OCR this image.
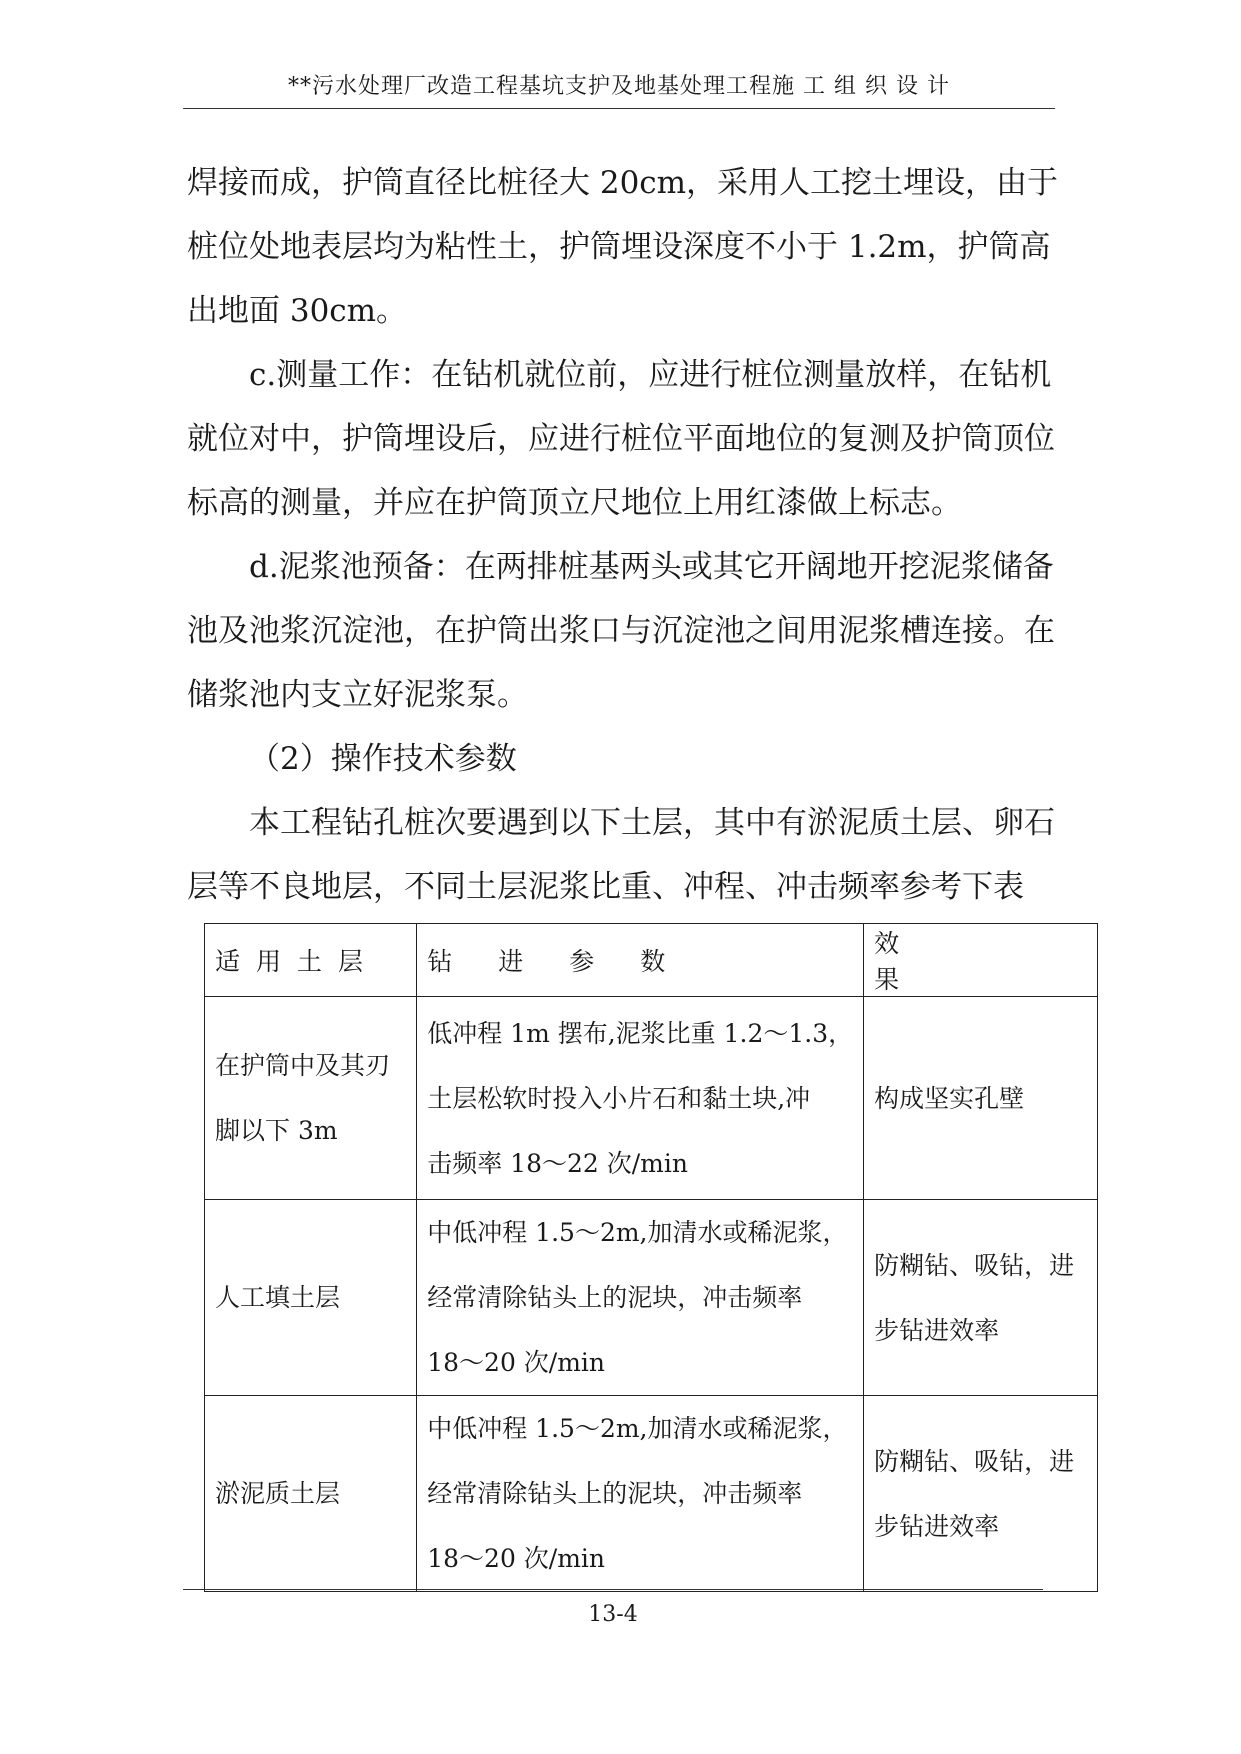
**污水处理厂改造工程基坑支护及地基处理工程施 工 组 织 设 计

焊接而成，护筒直径比桩径大 20cm，采用人工挖土埋设，由于
桩位处地表层均为粘性土，护筒埋设深度不小于 1.2m，护筒高
出地面 30cm。

c.测量工作：在钻机就位前，应进行桩位测量放样，在钻机
就位对中，护筒埋设后，应进行桩位平面地位的复测及护筒顶位
标高的测量，并应在护筒顶立尺地位上用红漆做上标志。

d.泥浆池预备：在两排桩基两头或其它开阔地开挖泥浆储备
池及池浆沉淀池，在护筒出浆口与沉淀池之间用泥浆槽连接。在
储浆池内支立好泥浆泵。

（2）操作技术参数

本工程钻孔桩次要遇到以下土层，其中有淤泥质土层、卵石
层等不良地层，不同土层泥浆比重、冲程、冲击频率参考下表

适用土层	钻进参数	效果

在护筒中及其刃
脚以下 3m	低冲程 1m 摆布,泥浆比重 1.2～1.3，
土层松软时投入小片石和黏土块,冲
击频率 18～22 次/min	构成坚实孔壁

人工填土层	中低冲程 1.5～2m,加清水或稀泥浆，
经常清除钻头上的泥块，冲击频率
18～20 次/min	防糊钻、吸钻，进
步钻进效率

淤泥质土层	中低冲程 1.5～2m,加清水或稀泥浆，
经常清除钻头上的泥块，冲击频率
18～20 次/min	防糊钻、吸钻，进
步钻进效率
13-4
